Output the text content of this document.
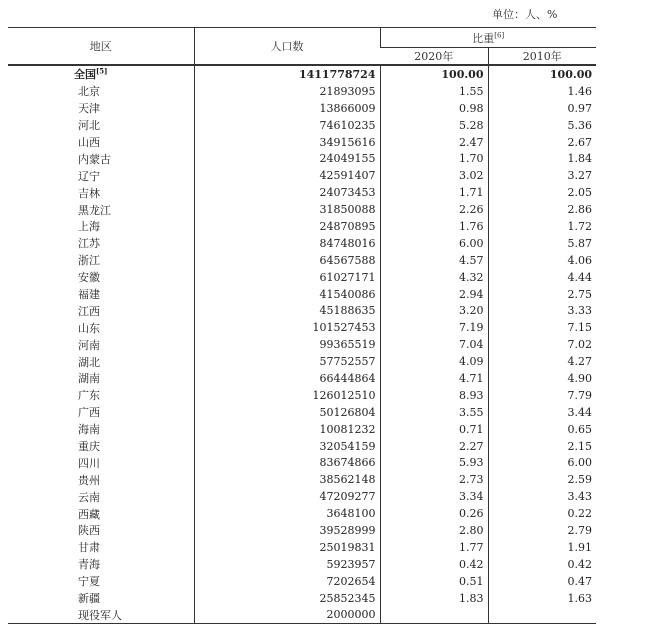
单位：人、%
地区	人口数	比重[6]
		2020年	2010年
全国[5]	1411778724	100.00	100.00
北京	21893095	1.55	1.46
天津	13866009	0.98	0.97
河北	74610235	5.28	5.36
山西	34915616	2.47	2.67
内蒙古	24049155	1.70	1.84
辽宁	42591407	3.02	3.27
吉林	24073453	1.71	2.05
黑龙江	31850088	2.26	2.86
上海	24870895	1.76	1.72
江苏	84748016	6.00	5.87
浙江	64567588	4.57	4.06
安徽	61027171	4.32	4.44
福建	41540086	2.94	2.75
江西	45188635	3.20	3.33
山东	101527453	7.19	7.15
河南	99365519	7.04	7.02
湖北	57752557	4.09	4.27
湖南	66444864	4.71	4.90
广东	126012510	8.93	7.79
广西	50126804	3.55	3.44
海南	10081232	0.71	0.65
重庆	32054159	2.27	2.15
四川	83674866	5.93	6.00
贵州	38562148	2.73	2.59
云南	47209277	3.34	3.43
西藏	3648100	0.26	0.22
陕西	39528999	2.80	2.79
甘肃	25019831	1.77	1.91
青海	5923957	0.42	0.42
宁夏	7202654	0.51	0.47
新疆	25852345	1.83	1.63
现役军人	2000000		
